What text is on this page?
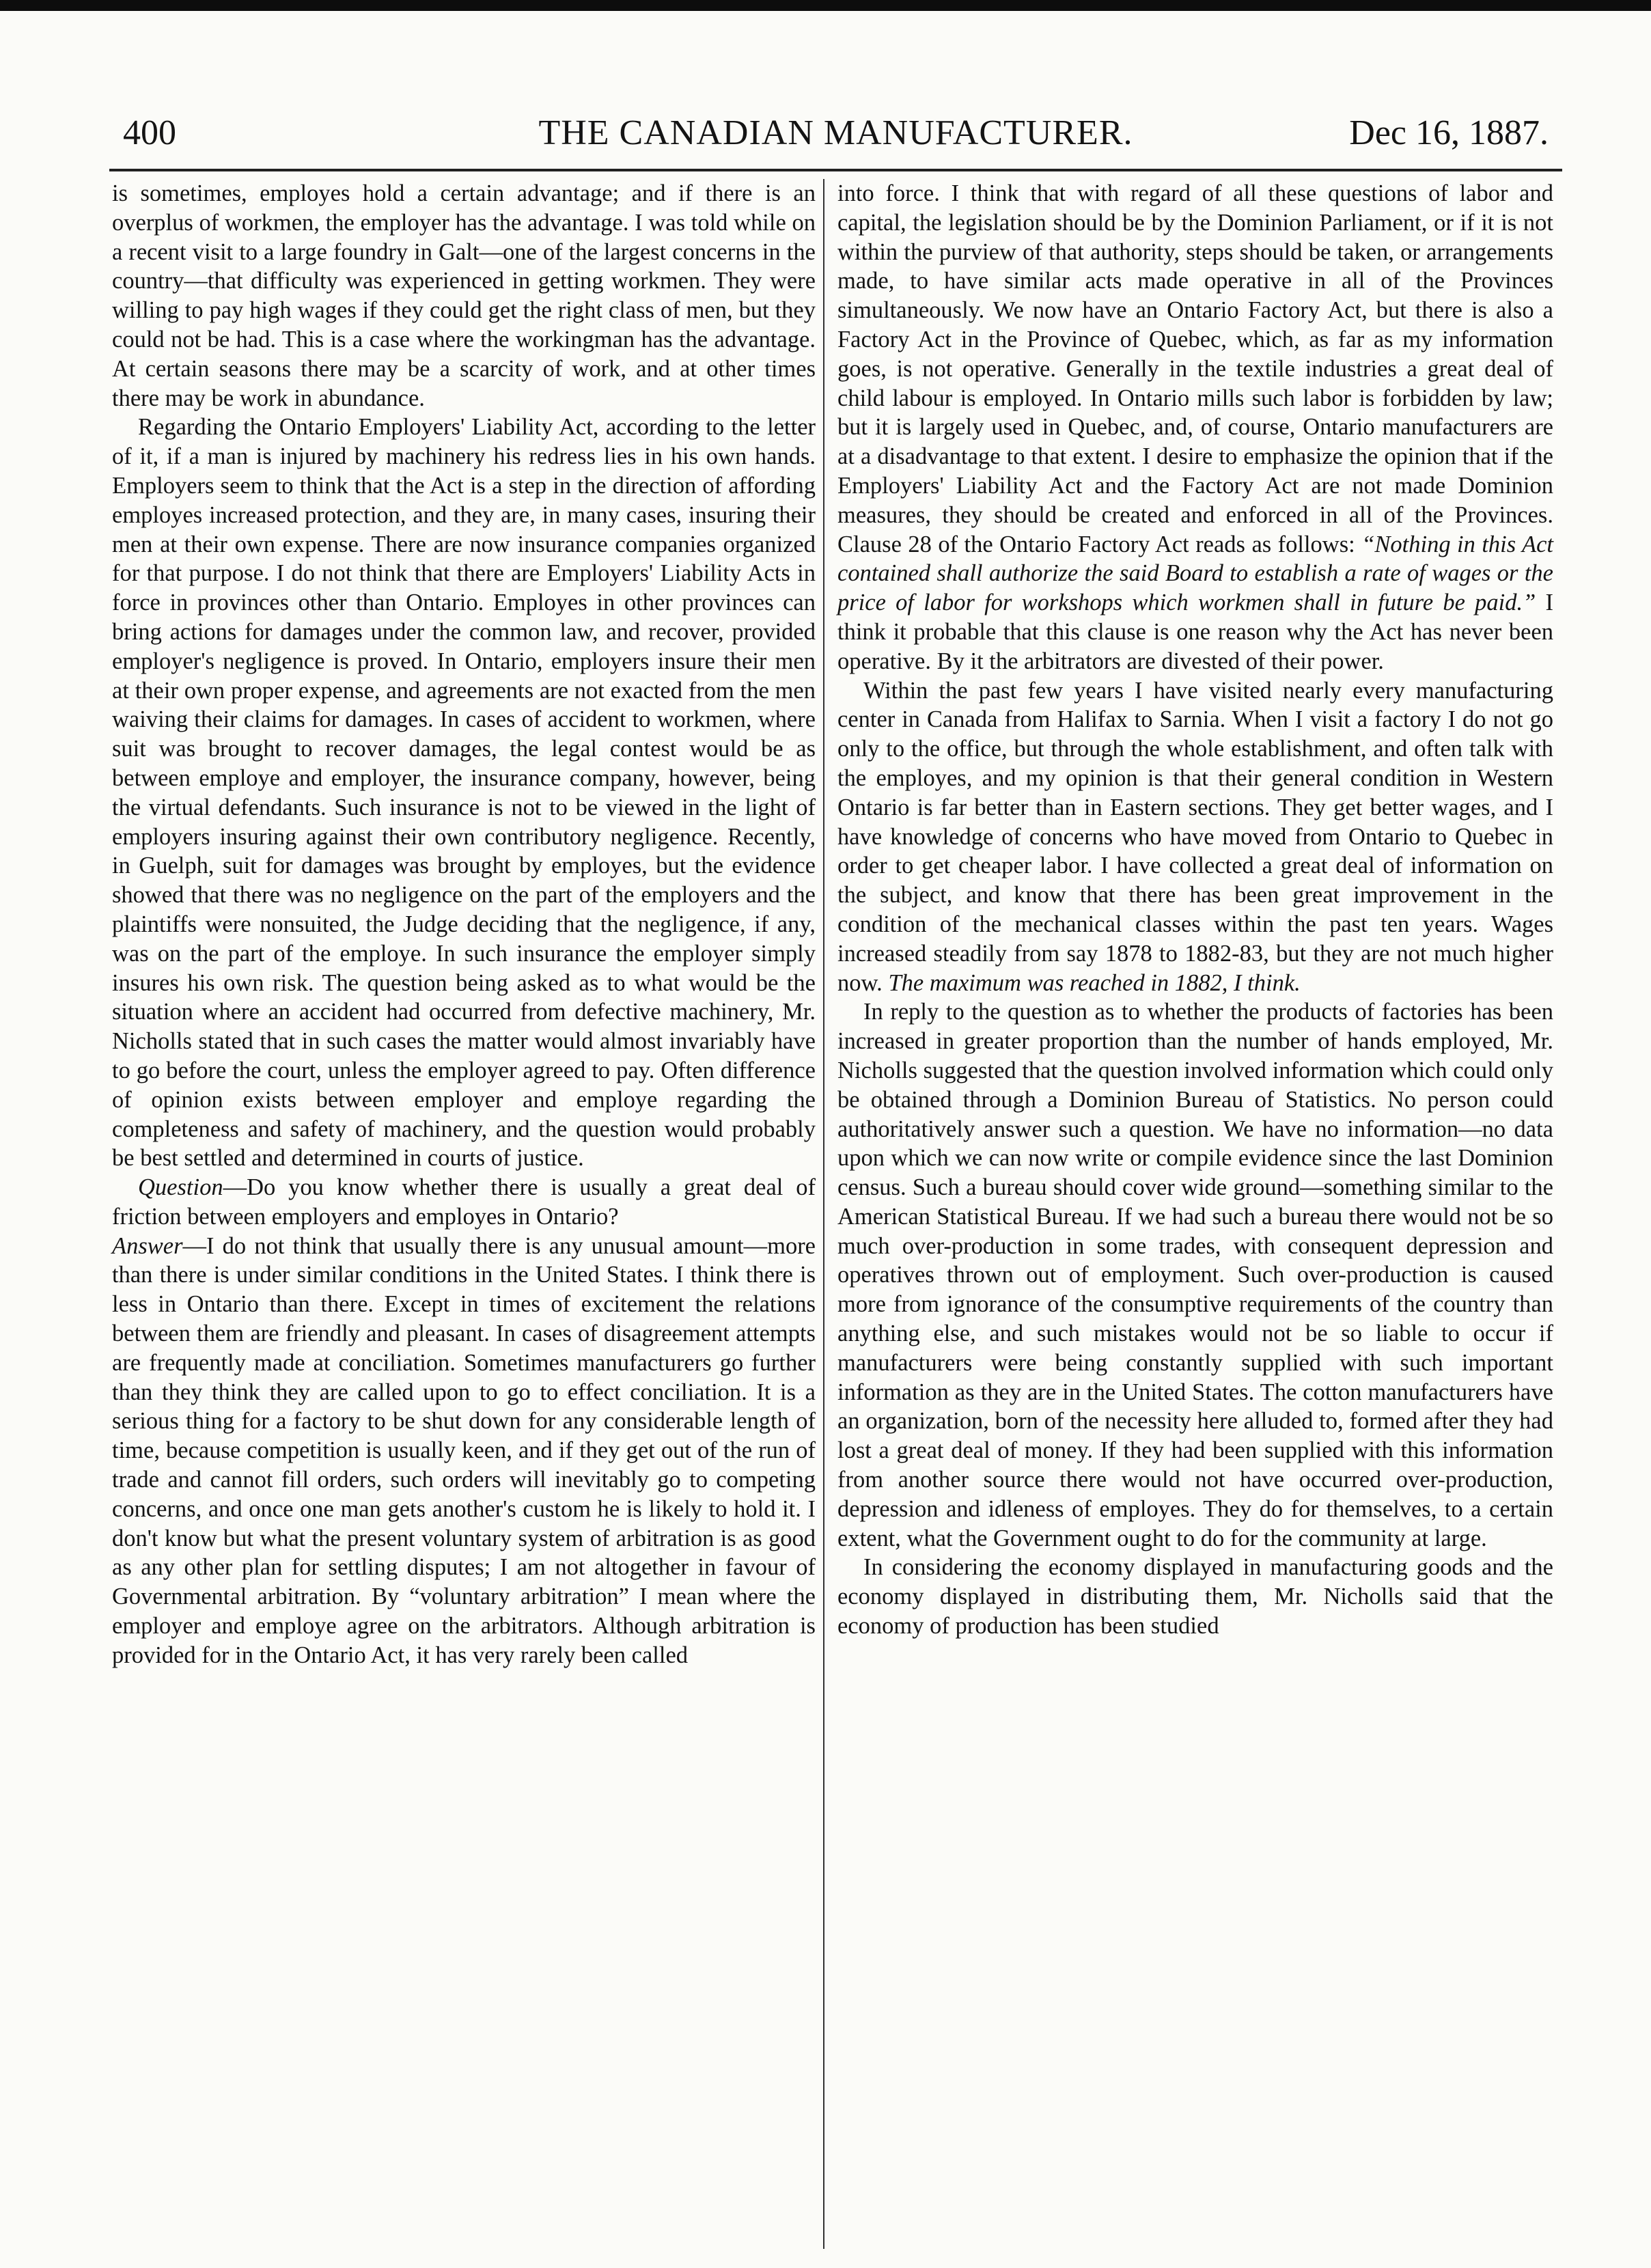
400	THE CANADIAN MANUFACTURER.	Dec 16, 1887.

is sometimes, employes hold a certain advantage; and if there is an overplus of workmen, the employer has the advantage. I was told while on a recent visit to a large foundry in Galt—one of the largest concerns in the country—that difficulty was experienced in getting workmen. They were willing to pay high wages if they could get the right class of men, but they could not be had. This is a case where the workingman has the advantage. At certain seasons there may be a scarcity of work, and at other times there may be work in abundance.

Regarding the Ontario Employers' Liability Act, according to the letter of it, if a man is injured by machinery his redress lies in his own hands. Employers seem to think that the Act is a step in the direction of affording employes increased protection, and they are, in many cases, insuring their men at their own expense. There are now insurance companies organized for that purpose. I do not think that there are Employers' Liability Acts in force in provinces other than Ontario. Employes in other provinces can bring actions for damages under the common law, and recover, provided employer's negligence is proved. In Ontario, employers insure their men at their own proper expense, and agreements are not exacted from the men waiving their claims for damages. In cases of accident to workmen, where suit was brought to recover damages, the legal contest would be as between employe and employer, the insurance company, however, being the virtual defendants. Such insurance is not to be viewed in the light of employers insuring against their own contributory negligence. Recently, in Guelph, suit for damages was brought by employes, but the evidence showed that there was no negligence on the part of the employers and the plaintiffs were nonsuited, the Judge deciding that the negligence, if any, was on the part of the employe. In such insurance the employer simply insures his own risk. The question being asked as to what would be the situation where an accident had occurred from defective machinery, Mr. Nicholls stated that in such cases the matter would almost invariably have to go before the court, unless the employer agreed to pay. Often difference of opinion exists between employer and employe regarding the completeness and safety of machinery, and the question would probably be best settled and determined in courts of justice.

Question—Do you know whether there is usually a great deal of friction between employers and employes in Ontario?
Answer—I do not think that usually there is any unusual amount—more than there is under similar conditions in the United States. I think there is less in Ontario than there. Except in times of excitement the relations between them are friendly and pleasant. In cases of disagreement attempts are frequently made at conciliation. Sometimes manufacturers go further than they think they are called upon to go to effect conciliation. It is a serious thing for a factory to be shut down for any considerable length of time, because competition is usually keen, and if they get out of the run of trade and cannot fill orders, such orders will inevitably go to competing concerns, and once one man gets another's custom he is likely to hold it. I don't know but what the present voluntary system of arbitration is as good as any other plan for settling disputes; I am not altogether in favour of Governmental arbitration. By “voluntary arbitration” I mean where the employer and employe agree on the arbitrators. Although arbitration is provided for in the Ontario Act, it has very rarely been called

into force. I think that with regard of all these questions of labor and capital, the legislation should be by the Dominion Parliament, or if it is not within the purview of that authority, steps should be taken, or arrangements made, to have similar acts made operative in all of the Provinces simultaneously. We now have an Ontario Factory Act, but there is also a Factory Act in the Province of Quebec, which, as far as my information goes, is not operative. Generally in the textile industries a great deal of child labour is employed. In Ontario mills such labor is forbidden by law; but it is largely used in Quebec, and, of course, Ontario manufacturers are at a disadvantage to that extent. I desire to emphasize the opinion that if the Employers' Liability Act and the Factory Act are not made Dominion measures, they should be created and enforced in all of the Provinces. Clause 28 of the Ontario Factory Act reads as follows: “Nothing in this Act contained shall authorize the said Board to establish a rate of wages or the price of labor for workshops which workmen shall in future be paid.” I think it probable that this clause is one reason why the Act has never been operative. By it the arbitrators are divested of their power.

Within the past few years I have visited nearly every manufacturing center in Canada from Halifax to Sarnia. When I visit a factory I do not go only to the office, but through the whole establishment, and often talk with the employes, and my opinion is that their general condition in Western Ontario is far better than in Eastern sections. They get better wages, and I have knowledge of concerns who have moved from Ontario to Quebec in order to get cheaper labor. I have collected a great deal of information on the subject, and know that there has been great improvement in the condition of the mechanical classes within the past ten years. Wages increased steadily from say 1878 to 1882-83, but they are not much higher now. The maximum was reached in 1882, I think.

In reply to the question as to whether the products of factories has been increased in greater proportion than the number of hands employed, Mr. Nicholls suggested that the question involved information which could only be obtained through a Dominion Bureau of Statistics. No person could authoritatively answer such a question. We have no information—no data upon which we can now write or compile evidence since the last Dominion census. Such a bureau should cover wide ground—something similar to the American Statistical Bureau. If we had such a bureau there would not be so much over-production in some trades, with consequent depression and operatives thrown out of employment. Such over-production is caused more from ignorance of the consumptive requirements of the country than anything else, and such mistakes would not be so liable to occur if manufacturers were being constantly supplied with such important information as they are in the United States. The cotton manufacturers have an organization, born of the necessity here alluded to, formed after they had lost a great deal of money. If they had been supplied with this information from another source there would not have occurred over-production, depression and idleness of employes. They do for themselves, to a certain extent, what the Government ought to do for the community at large.

In considering the economy displayed in manufacturing goods and the economy displayed in distributing them, Mr. Nicholls said that the economy of production has been studied
